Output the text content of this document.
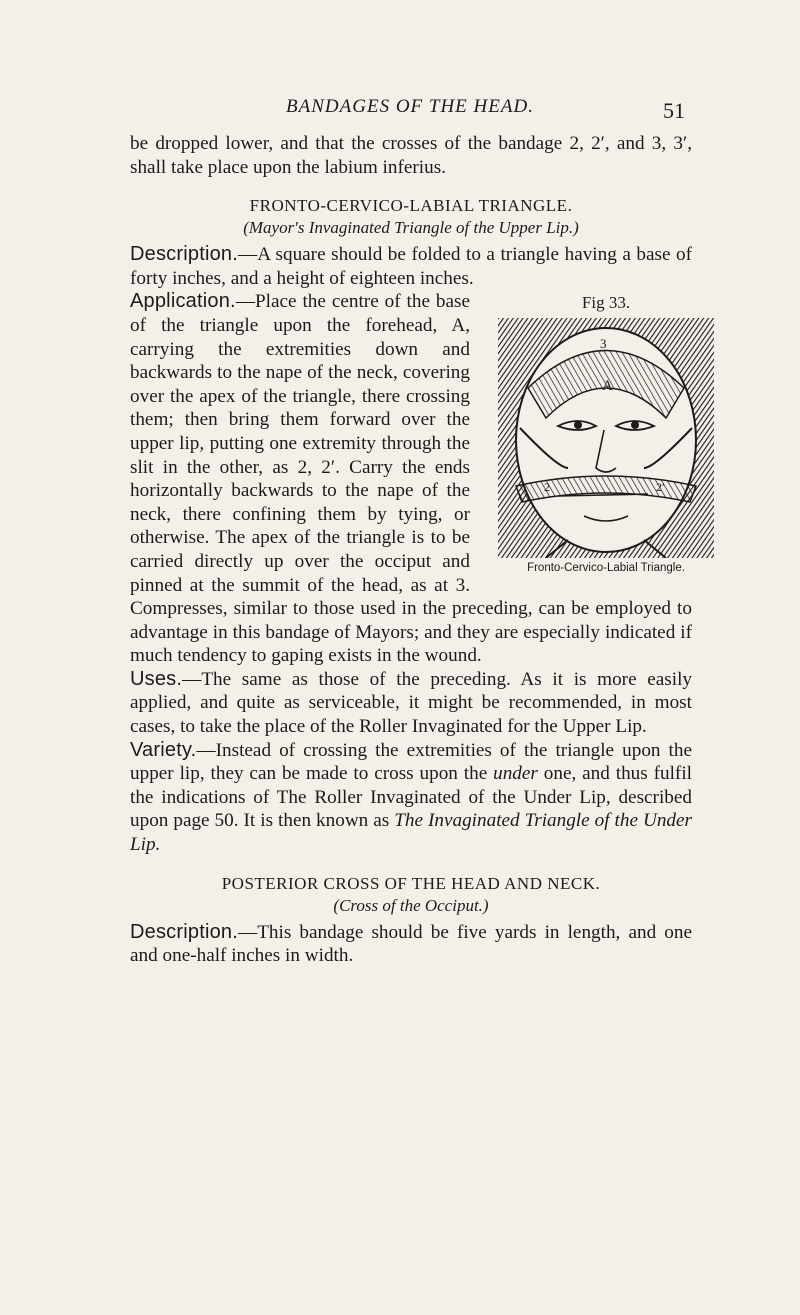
BANDAGES OF THE HEAD.	51

be dropped lower, and that the crosses of the bandage 2, 2′, and 3, 3′, shall take place upon the labium inferius.

FRONTO-CERVICO-LABIAL TRIANGLE.

(Mayor's Invaginated Triangle of the Upper Lip.)

Description.—A square should be folded to a triangle having a base of forty inches, and a height of eighteen inches.

Fig 33.
3
A
2	2′
Fronto-Cervico-Labial Triangle.
Application.—Place the centre of the base of the triangle upon the forehead, A, carrying the extremities down and backwards to the nape of the neck, covering over the apex of the triangle, there crossing them; then bring them forward over the upper lip, putting one extremity through the slit in the other, as 2, 2′. Carry the ends horizontally backwards to the nape of the neck, there confining them by tying, or otherwise. The apex of the triangle is to be carried directly up over the occiput and pinned at the summit of the head, as at 3. Compresses, similar to those used in the preceding, can be employed to advantage in this bandage of Mayors; and they are especially indicated if much tendency to gaping exists in the wound.

Uses.—The same as those of the preceding. As it is more easily applied, and quite as serviceable, it might be recommended, in most cases, to take the place of the Roller Invaginated for the Upper Lip.

Variety.—Instead of crossing the extremities of the triangle upon the upper lip, they can be made to cross upon the under one, and thus fulfil the indications of The Roller Invaginated of the Under Lip, described upon page 50. It is then known as The Invaginated Triangle of the Under Lip.

POSTERIOR CROSS OF THE HEAD AND NECK.

(Cross of the Occiput.)

Description.—This bandage should be five yards in length, and one and one-half inches in width.
